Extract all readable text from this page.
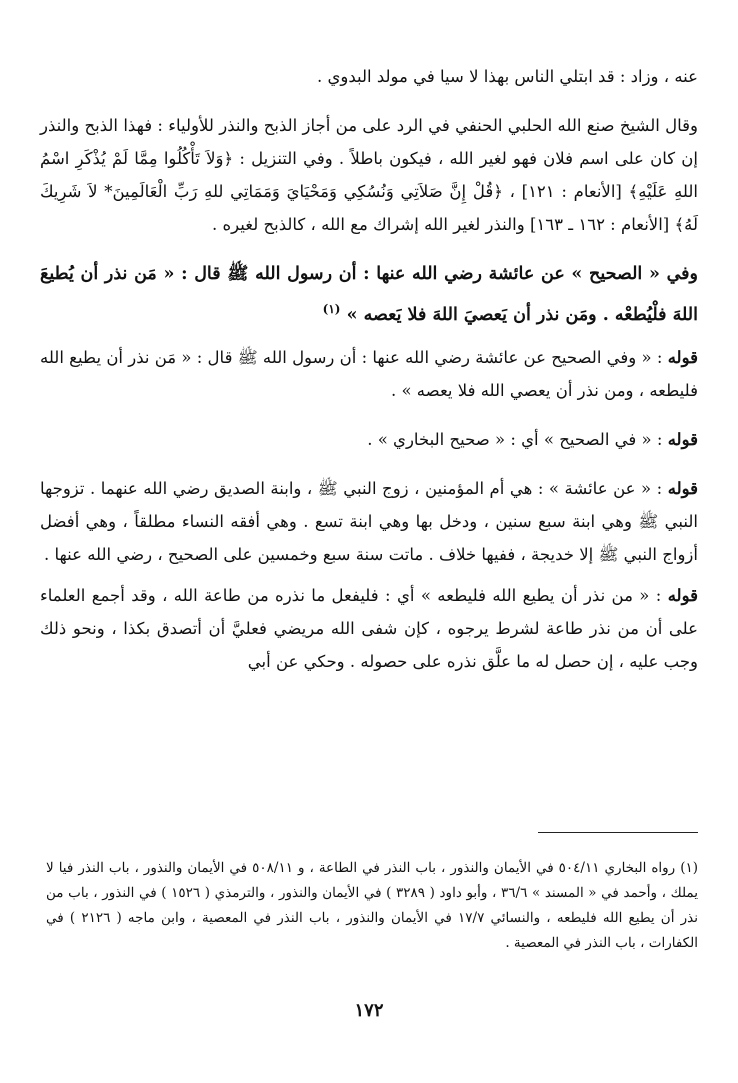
عنه ، وزاد : قد ابتلي الناس بهذا لا سيا في مولد البدوي .

وقال الشيخ صنع الله الحلبي الحنفي في الرد على من أجاز الذبح والنذر للأولياء : فهذا الذبح والنذر إن كان على اسم فلان فهو لغير الله ، فيكون باطلاً . وفي التنزيل : ﴿وَلاَ تَأْكُلُوا مِمَّا لَمْ يُذْكَرِ اسْمُ اللهِ عَلَيْهِ﴾ [الأنعام : ١٢١] ، ﴿قُلْ إِنَّ صَلاَتِي وَنُسُكِي وَمَحْيَايَ وَمَمَاتِي للهِ رَبِّ الْعَالَمِينَ* لاَ شَرِيكَ لَهُ﴾ [الأنعام : ١٦٢ ـ ١٦٣] والنذر لغير الله إشراك مع الله ، كالذبح لغيره .

وفي « الصحيح » عن عائشة رضي الله عنها : أن رسول الله ﷺ قال : « مَن نذر أن يُطيعَ اللهَ فلْيُطعْه . ومَن نذر أن يَعصيَ اللهَ فلا يَعصه » $^{(١)}$

قوله : « وفي الصحيح عن عائشة رضي الله عنها : أن رسول الله ﷺ قال : « مَن نذر أن يطيع الله فليطعه ، ومن نذر أن يعصي الله فلا يعصه » .

قوله : « في الصحيح » أي : « صحيح البخاري » .

قوله : « عن عائشة » : هي أم المؤمنين ، زوج النبي ﷺ ، وابنة الصديق رضي الله عنهما . تزوجها النبي ﷺ وهي ابنة سبع سنين ، ودخل بها وهي ابنة تسع . وهي أفقه النساء مطلقاً ، وهي أفضل أزواج النبي ﷺ إلا خديجة ، ففيها خلاف . ماتت سنة سبع وخمسين على الصحيح ، رضي الله عنها .

قوله : « من نذر أن يطيع الله فليطعه » أي : فليفعل ما نذره من طاعة الله ، وقد أجمع العلماء على أن من نذر طاعة لشرط يرجوه ، كإن شفى الله مريضي فعليَّ أن أتصدق بكذا ، ونحو ذلك وجب عليه ، إن حصل له ما علَّق نذره على حصوله . وحكي عن أبي

(١) رواه البخاري ٥٠٤/١١ في الأيمان والنذور ، باب النذر في الطاعة ، و ٥٠٨/١١ في الأيمان والنذور ، باب النذر فيا لا يملك ، وأحمد في « المسند » ٣٦/٦ ، وأبو داود ( ٣٢٨٩ ) في الأيمان والنذور ، والترمذي ( ١٥٢٦ ) في النذور ، باب من نذر أن يطيع الله فليطعه ، والنسائي ١٧/٧ في الأيمان والنذور ، باب النذر في المعصية ، وابن ماجه ( ٢١٢٦ ) في الكفارات ، باب النذر في المعصية .

١٧٢
